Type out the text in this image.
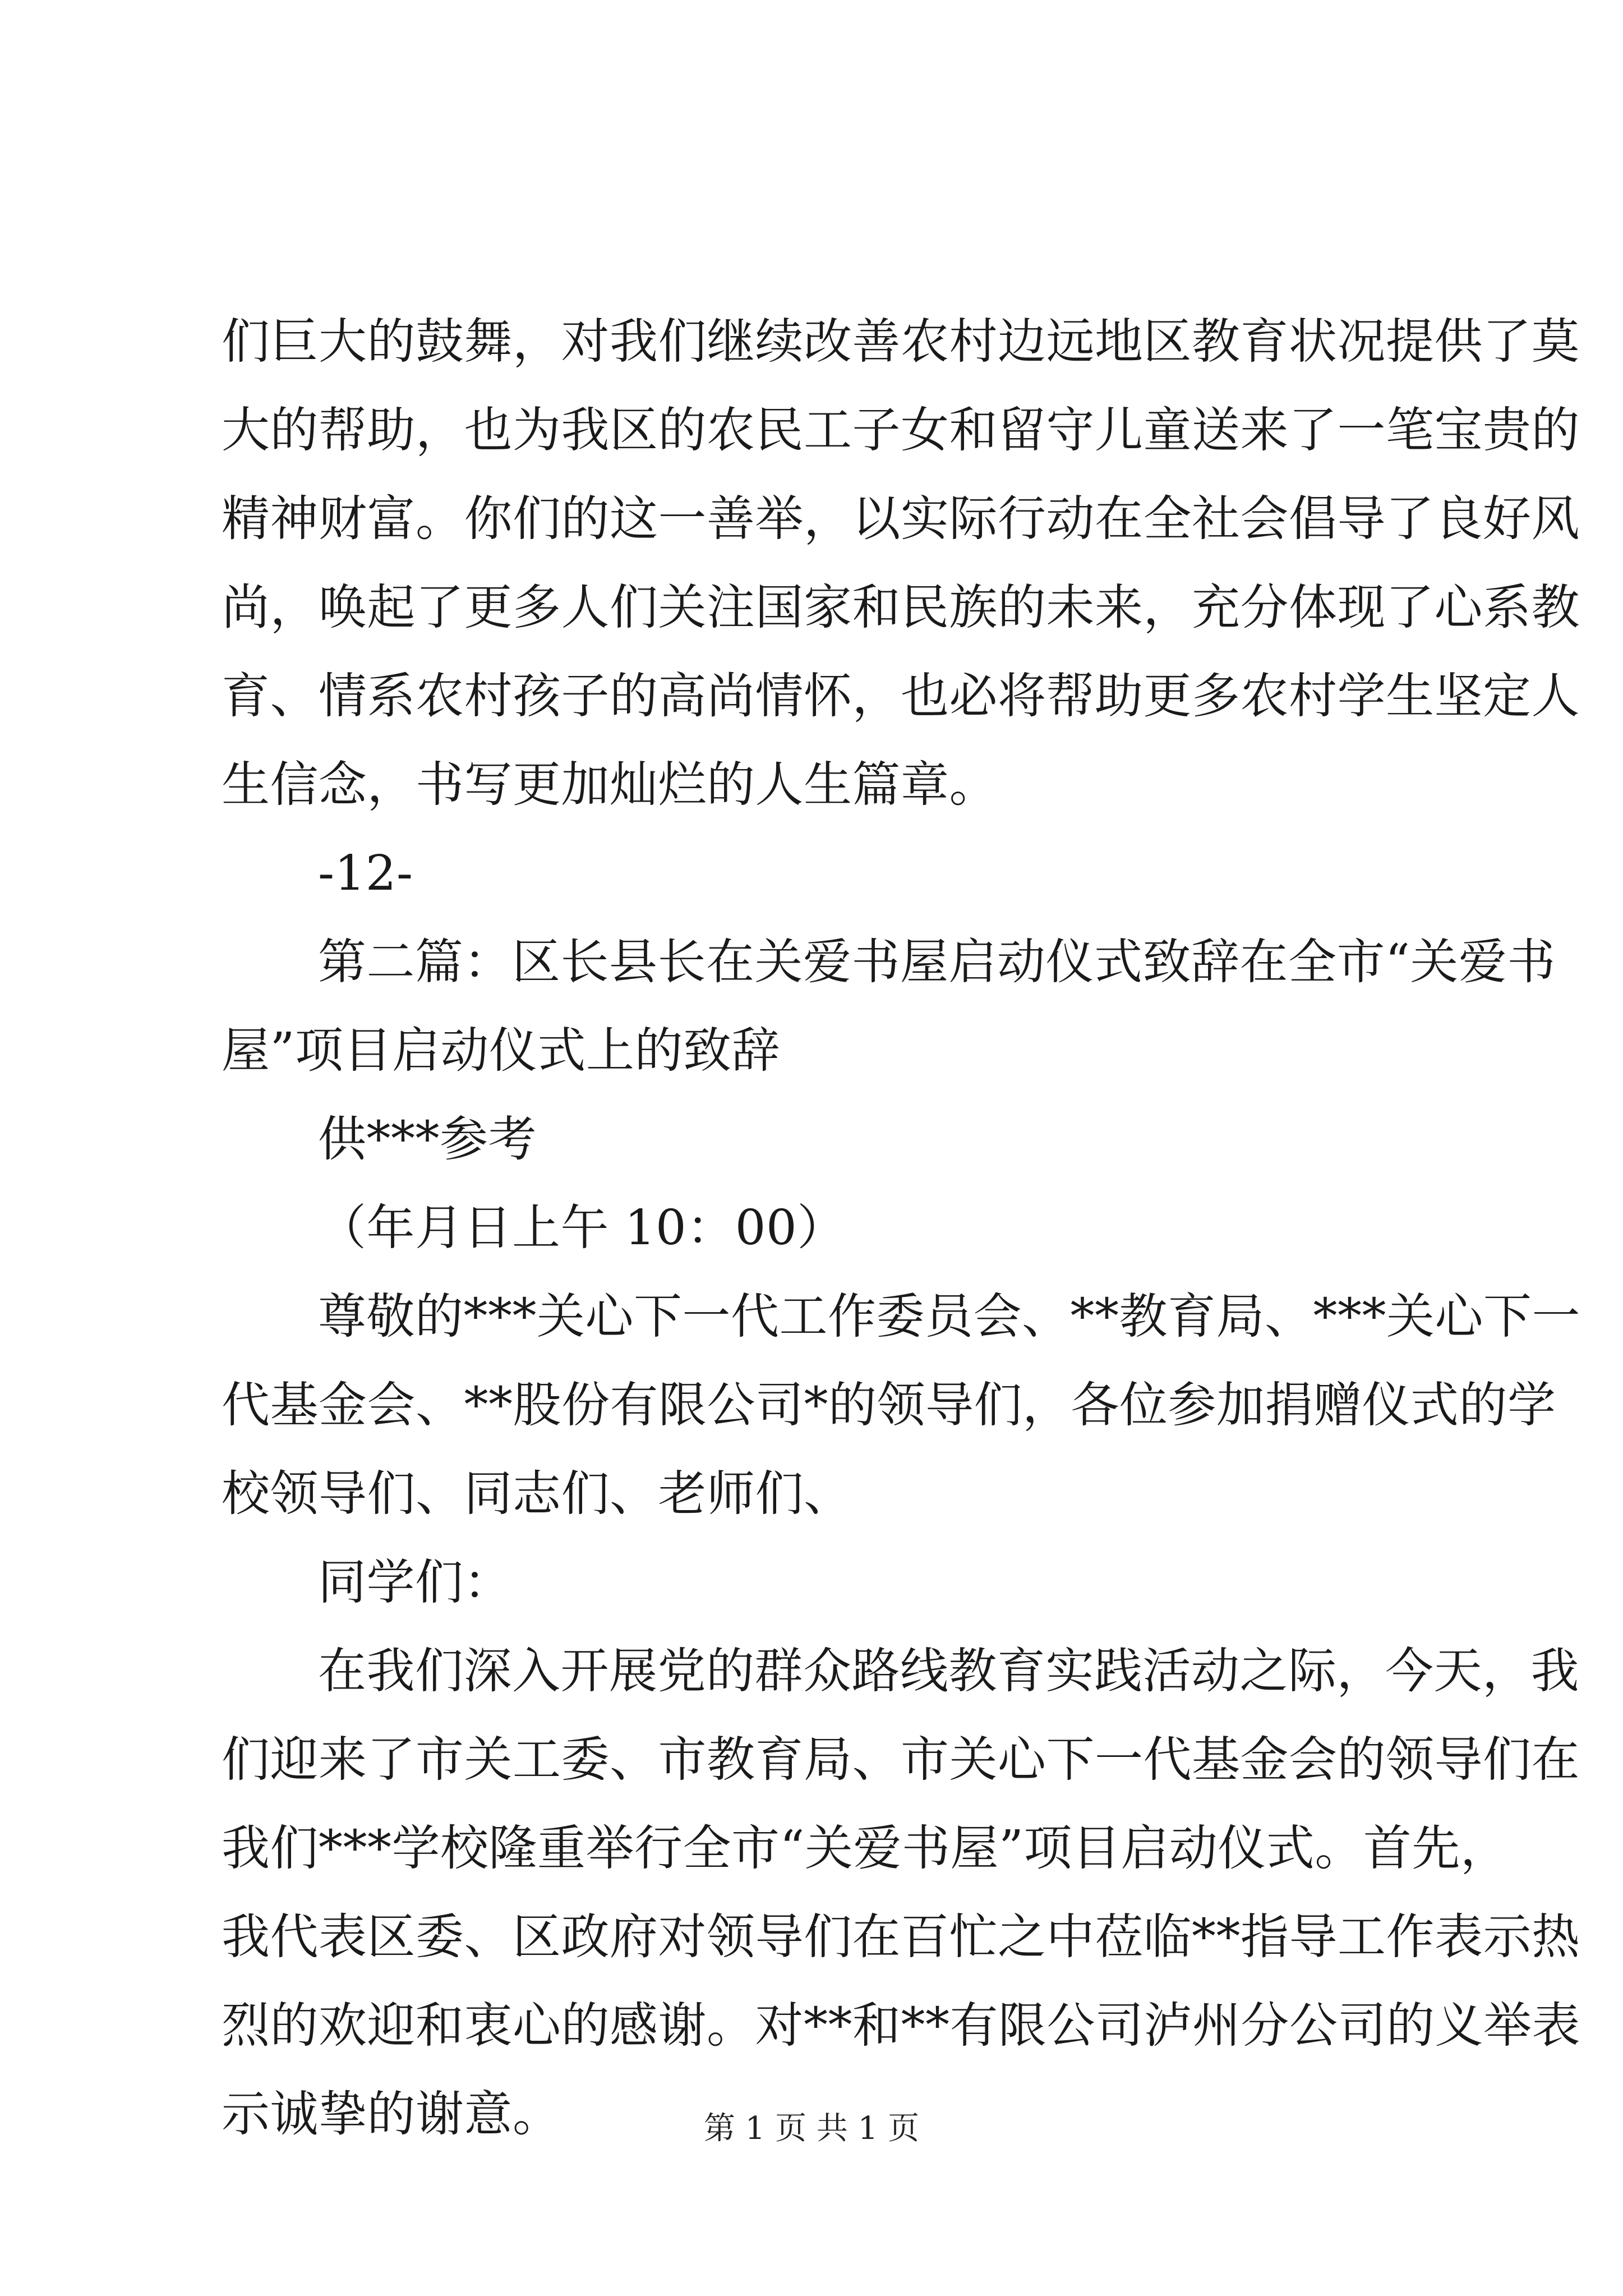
们巨大的鼓舞，对我们继续改善农村边远地区教育状况提供了莫
大的帮助，也为我区的农民工子女和留守儿童送来了一笔宝贵的
精神财富。你们的这一善举，以实际行动在全社会倡导了良好风
尚，唤起了更多人们关注国家和民族的未来，充分体现了心系教
育、情系农村孩子的高尚情怀，也必将帮助更多农村学生坚定人
生信念，书写更加灿烂的人生篇章。
-12-
第二篇：区长县长在关爱书屋启动仪式致辞在全市“关爱书
屋”项目启动仪式上的致辞
供***参考
（年月日上午 10：00）
尊敬的***关心下一代工作委员会、**教育局、***关心下一
代基金会、**股份有限公司*的领导们，各位参加捐赠仪式的学
校领导们、同志们、老师们、
同学们：
在我们深入开展党的群众路线教育实践活动之际，今天，我
们迎来了市关工委、市教育局、市关心下一代基金会的领导们在
我们***学校隆重举行全市“关爱书屋”项目启动仪式。首先，
我代表区委、区政府对领导们在百忙之中莅临**指导工作表示热
烈的欢迎和衷心的感谢。对**和**有限公司泸州分公司的义举表
示诚挚的谢意。	第 1 页 共 1 页
